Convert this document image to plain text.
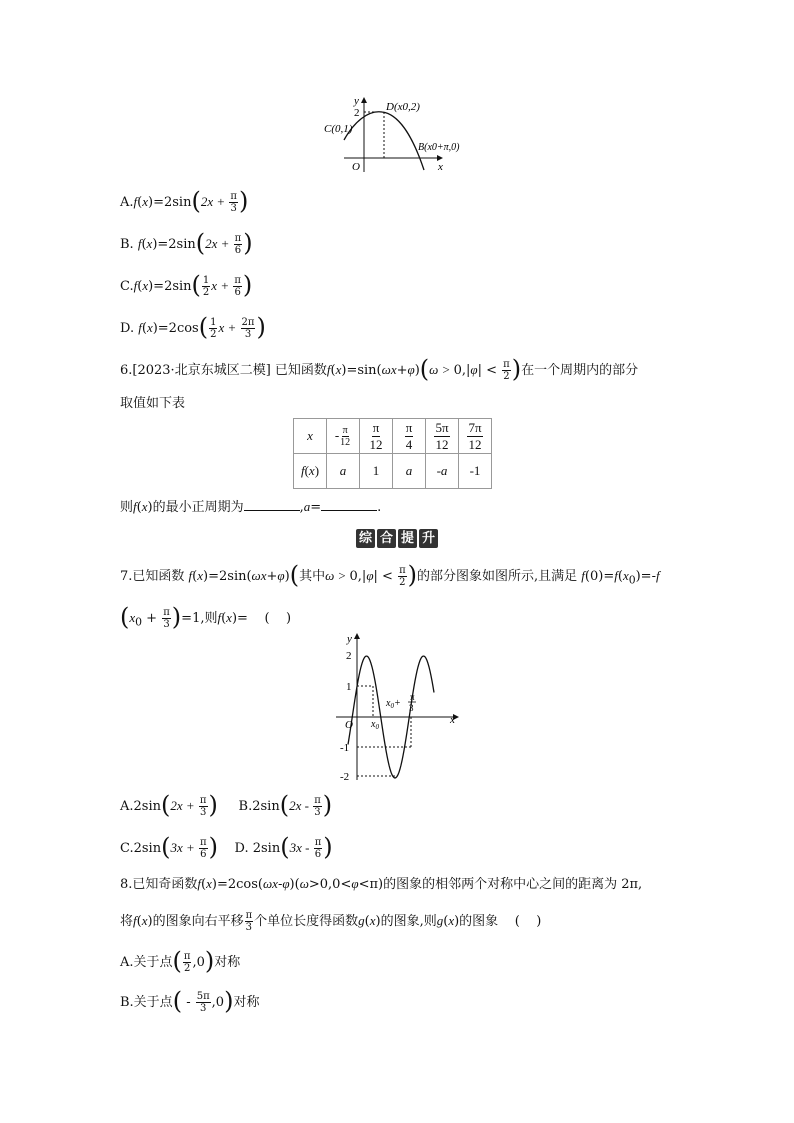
y
x
O
2
C(0,1)
D(x0,2)
B(x0+π,0)
$A.f(x)=2\sin(2x + \frac{\pi}{3}$ )
B. $f(x)=2\sin(2x + \frac{\pi}{6}$ )
$C.f(x)=2\sin( \frac{1}{2}$ $x + \frac{\pi}{6}$ )
D. $f(x)=2\cos( \frac{1}{2}$ $x + \frac{2\pi}{3}$ )
6.[2023·北京东城区二模] 已知函数$f(x)=\sin(\omega x+\varphi)(\omega > 0,|\varphi| < \frac{\pi}{2}$ )在一个周期内的部分
取值如下表
x	- $\frac{\pi}{12}$	$\frac{\pi}{12}$	$\frac{\pi}{4}$	$\frac{5\pi}{12}$	$\frac{7\pi}{12}$

f(x)	a	1	a	-a	-1
则f(x)的最小正周期为	,a=	.
综 合 提 升
7.已知函数 f(x)=2sin(ωx+φ)(其中$\omega > 0,|\varphi| < \frac{\pi}{2}$ )的部分图象如图所示,且满足 $f(0)=f(x_0)=-f$
$(x_0 + \frac{\pi}{3} )=1$,则f(x)=    (    )
y
x
O
2
1
-1
-2
$x_0$
$x_0+$
π
3
$A.2\sin(2x + \frac{\pi}{3}$ )     $B.2\sin(2x - \frac{\pi}{3}$ )
$C.2\sin(3x + \frac{\pi}{6}$ )    D. $2\sin(3x - \frac{\pi}{6}$ )
8.已知奇函数f(x)=2cos(ωx-φ)(ω>0,0<φ<π)的图象的相邻两个对称中心之间的距离为 2π,
将f(x)的图象向右平移 $\frac{\pi}{3}$ 个单位长度得函数g(x)的图象,则g(x)的图象    (    )
A.关于点( $\frac{\pi}{2} ,0$)对称
B.关于点( - $\frac{5\pi}{3} ,0$)对称
